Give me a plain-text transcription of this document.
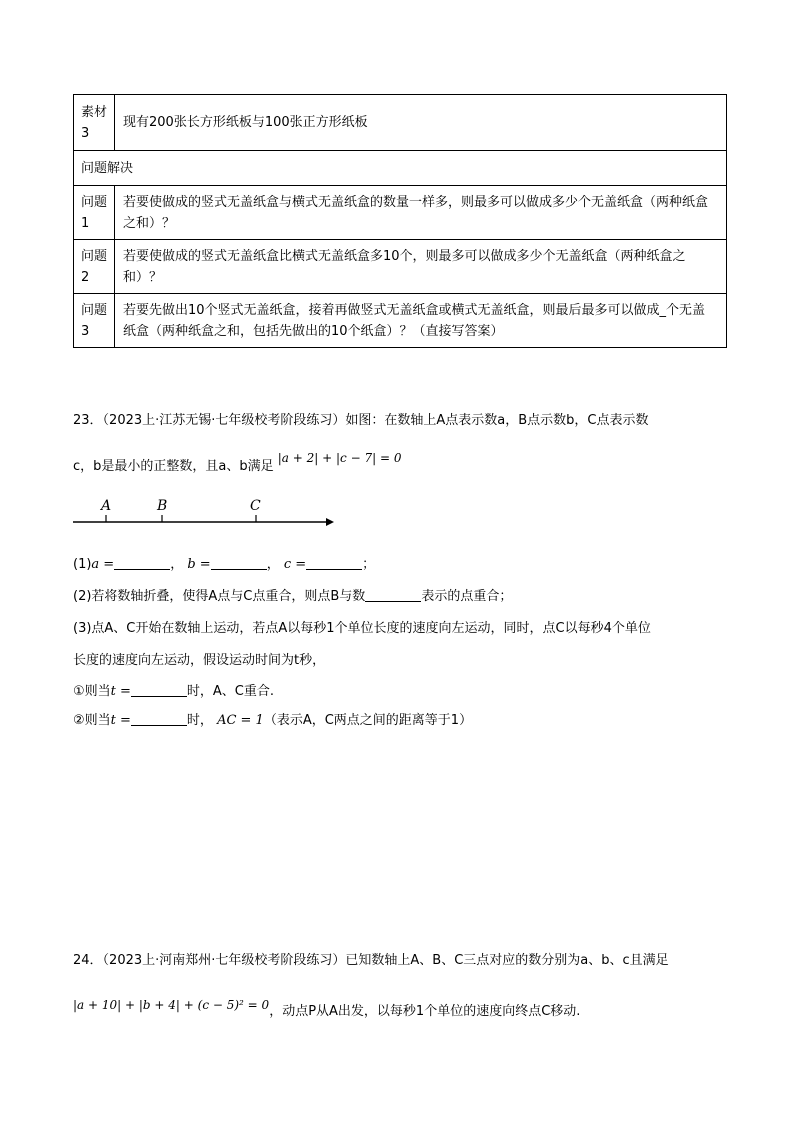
素材3	现有200张长方形纸板与100张正方形纸板
问题解决	
问题1	若要使做成的竖式无盖纸盒与横式无盖纸盒的数量一样多，则最多可以做成多少个无盖纸盒（两种纸盒之和）？
问题2	若要使做成的竖式无盖纸盒比横式无盖纸盒多10个，则最多可以做成多少个无盖纸盒（两种纸盒之和）？
问题3	若要先做出10个竖式无盖纸盒，接着再做竖式无盖纸盒或横式无盖纸盒，则最后最多可以做成_个无盖纸盒（两种纸盒之和，包括先做出的10个纸盒）？（直接写答案）
23．（2023上·江苏无锡·七年级校考阶段练习）如图：在数轴上A点表示数a，B点示数b，C点表示数
c，b是最小的正整数，且a、b满足 |a + 2| + |c − 7| = 0
A	B	C
(1)a =	， b =	， c =	；
(2)若将数轴折叠，使得A点与C点重合，则点B与数	表示的点重合；
(3)点A、C开始在数轴上运动，若点A以每秒1个单位长度的速度向左运动，同时，点C以每秒4个单位
长度的速度向左运动，假设运动时间为t秒，
①则当t =	时，A、C重合.
②则当t =	时， AC = 1（表示A，C两点之间的距离等于1）
24．（2023上·河南郑州·七年级校考阶段练习）已知数轴上A、B、C三点对应的数分别为a、b、c且满足
|a + 10| + |b + 4| + (c − 5)² = 0，动点P从A出发，以每秒1个单位的速度向终点C移动.
